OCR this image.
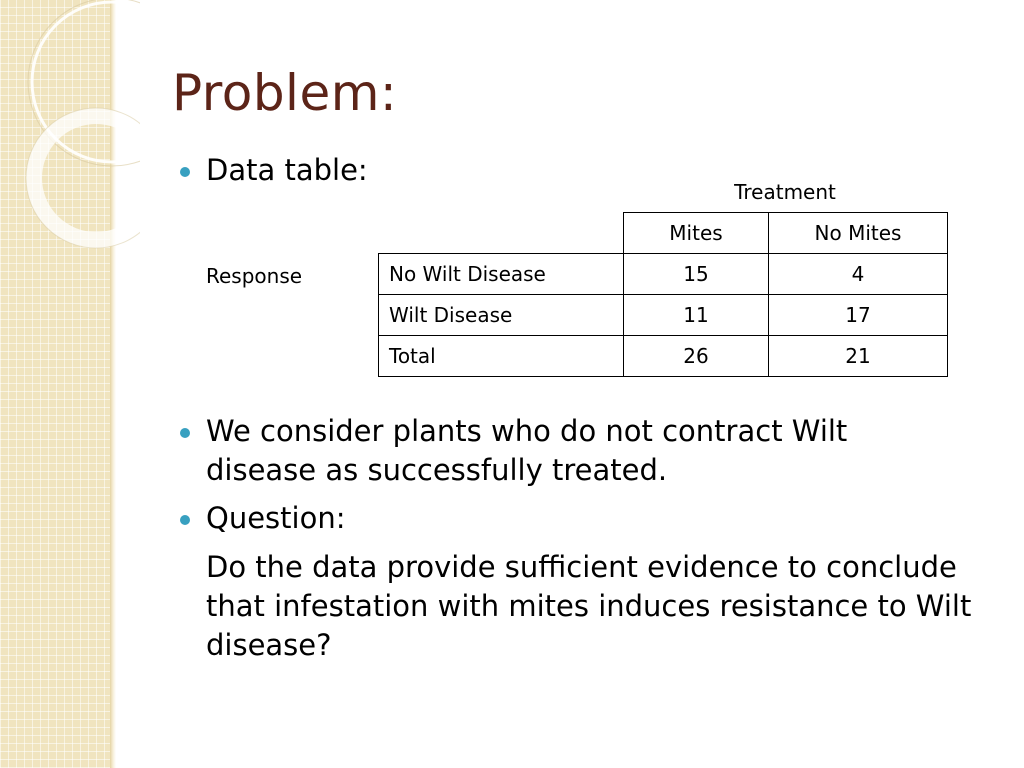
Problem:

Data table:

Treatment
Response
	Mites	No Mites
No Wilt Disease	15	4
Wilt Disease	11	17
Total	26	21

We consider plants who do not contract Wilt disease as successfully treated.

Question:

Do the data provide sufficient evidence to conclude that infestation with mites induces resistance to Wilt disease?
